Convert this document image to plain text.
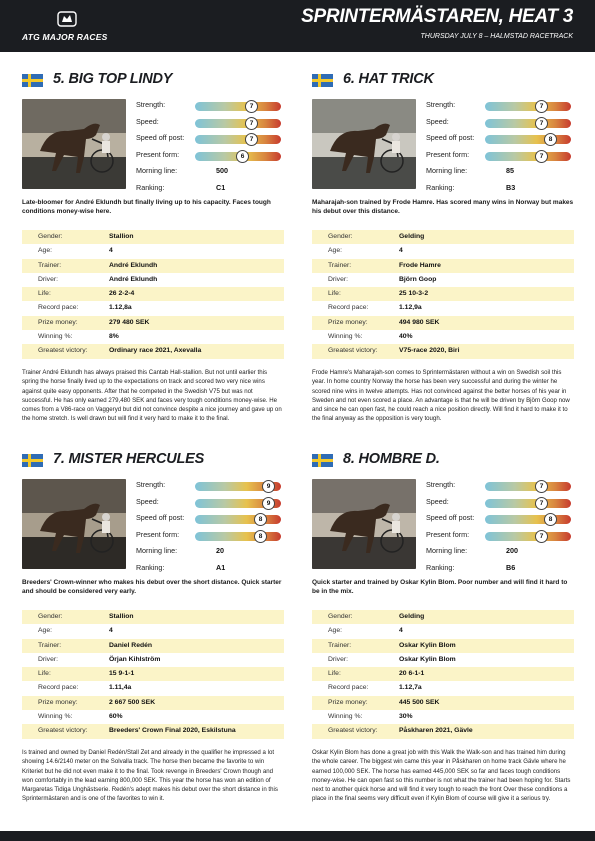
ATG MAJOR RACES
SPRINTERMÄSTAREN, HEAT 3
THURSDAY JULY 8 – HALMSTAD RACETRACK
5. BIG TOP LINDY
Strength:	7
Speed:	7
Speed off post:	7
Present form:	6
Morning line:	500
Ranking:	C1
Late-bloomer for André Eklundh but finally living up to his capacity. Faces tough conditions money-wise here.
Gender:	Stallion
Age:	4
Trainer:	André Eklundh
Driver:	André Eklundh
Life:	26 2-2-4
Record pace:	1.12,8a
Prize money:	279 480 SEK
Winning %:	8%
Greatest victory:	Ordinary race 2021, Axevalla
Trainer André Eklundh has always praised this Cantab Hall-stallion. But not until earlier this spring the horse finally lived up to the expectations on track and scored two very nice wins against quite easy opponents. After that he competed in the Swedish V75 but was not successful. He has only earned 279,480 SEK and faces very tough conditions money-wise. He comes from a V86-race on Vaggeryd but did not convince despite a nice journey and gave up on the home stretch. Is well drawn but will find it very hard to make it to the final.
6. HAT TRICK
Strength:	7
Speed:	7
Speed off post:	8
Present form:	7
Morning line:	85
Ranking:	B3
Maharajah-son trained by Frode Hamre. Has scored many wins in Norway but makes his debut over this distance.
Gender:	Gelding
Age:	4
Trainer:	Frode Hamre
Driver:	Björn Goop
Life:	25 10-3-2
Record pace:	1.12,9a
Prize money:	494 980 SEK
Winning %:	40%
Greatest victory:	V75-race 2020, Biri
Frode Hamre's Maharajah-son comes to Sprintermästaren without a win on Swedish soil this year. In home country Norway the horse has been very successful and during the winter he scored nine wins in twelve attempts. Has not convinced against the better horses of his year in Sweden and not even scored a place. An advantage is that he will be driven by Björn Goop now and since he can open fast, he could reach a nice position directly. Will find it hard to make it to the final anyway as the opposition is very tough.
7. MISTER HERCULES
Strength:	9
Speed:	9
Speed off post:	8
Present form:	8
Morning line:	20
Ranking:	A1
Breeders' Crown-winner who makes his debut over the short distance. Quick starter and should be considered very early.
Gender:	Stallion
Age:	4
Trainer:	Daniel Redén
Driver:	Örjan Kihlström
Life:	15 9-1-1
Record pace:	1.11,4a
Prize money:	2 667 500 SEK
Winning %:	60%
Greatest victory:	Breeders' Crown Final 2020, Eskilstuna
Is trained and owned by Daniel Redén/Stall Zet and already in the qualifier he impressed a lot showing 14.6/2140 meter on the Solvalla track. The horse then became the favorite to win Kriteriet but he did not even make it to the final. Took revenge in Breeders' Crown though and won comfortably in the lead earning 800,000 SEK. This year the horse has won an edition of Margaretas Tidiga Unghästserie. Redén's adept makes his debut over the short distance in this Sprintermästaren and is one of the favorites to win it.
8. HOMBRE D.
Strength:	7
Speed:	7
Speed off post:	8
Present form:	7
Morning line:	200
Ranking:	B6
Quick starter and trained by Oskar Kylin Blom. Poor number and will find it hard to be in the mix.
Gender:	Gelding
Age:	4
Trainer:	Oskar Kylin Blom
Driver:	Oskar Kylin Blom
Life:	20 6-1-1
Record pace:	1.12,7a
Prize money:	445 500 SEK
Winning %:	30%
Greatest victory:	Påskharen 2021, Gävle
Oskar Kylin Blom has done a great job with this Walk the Walk-son and has trained him during the whole career. The biggest win came this year in Påskharen on home track Gävle where he earned 100,000 SEK. The horse has earned 445,000 SEK so far and faces tough conditions money-wise. He can open fast so this number is not what the trainer had been hoping for. Starts next to another quick horse and will find it very tough to reach the front Over these conditions a place in the final seems very difficult even if Kylin Blom of course will give it a serious try.
